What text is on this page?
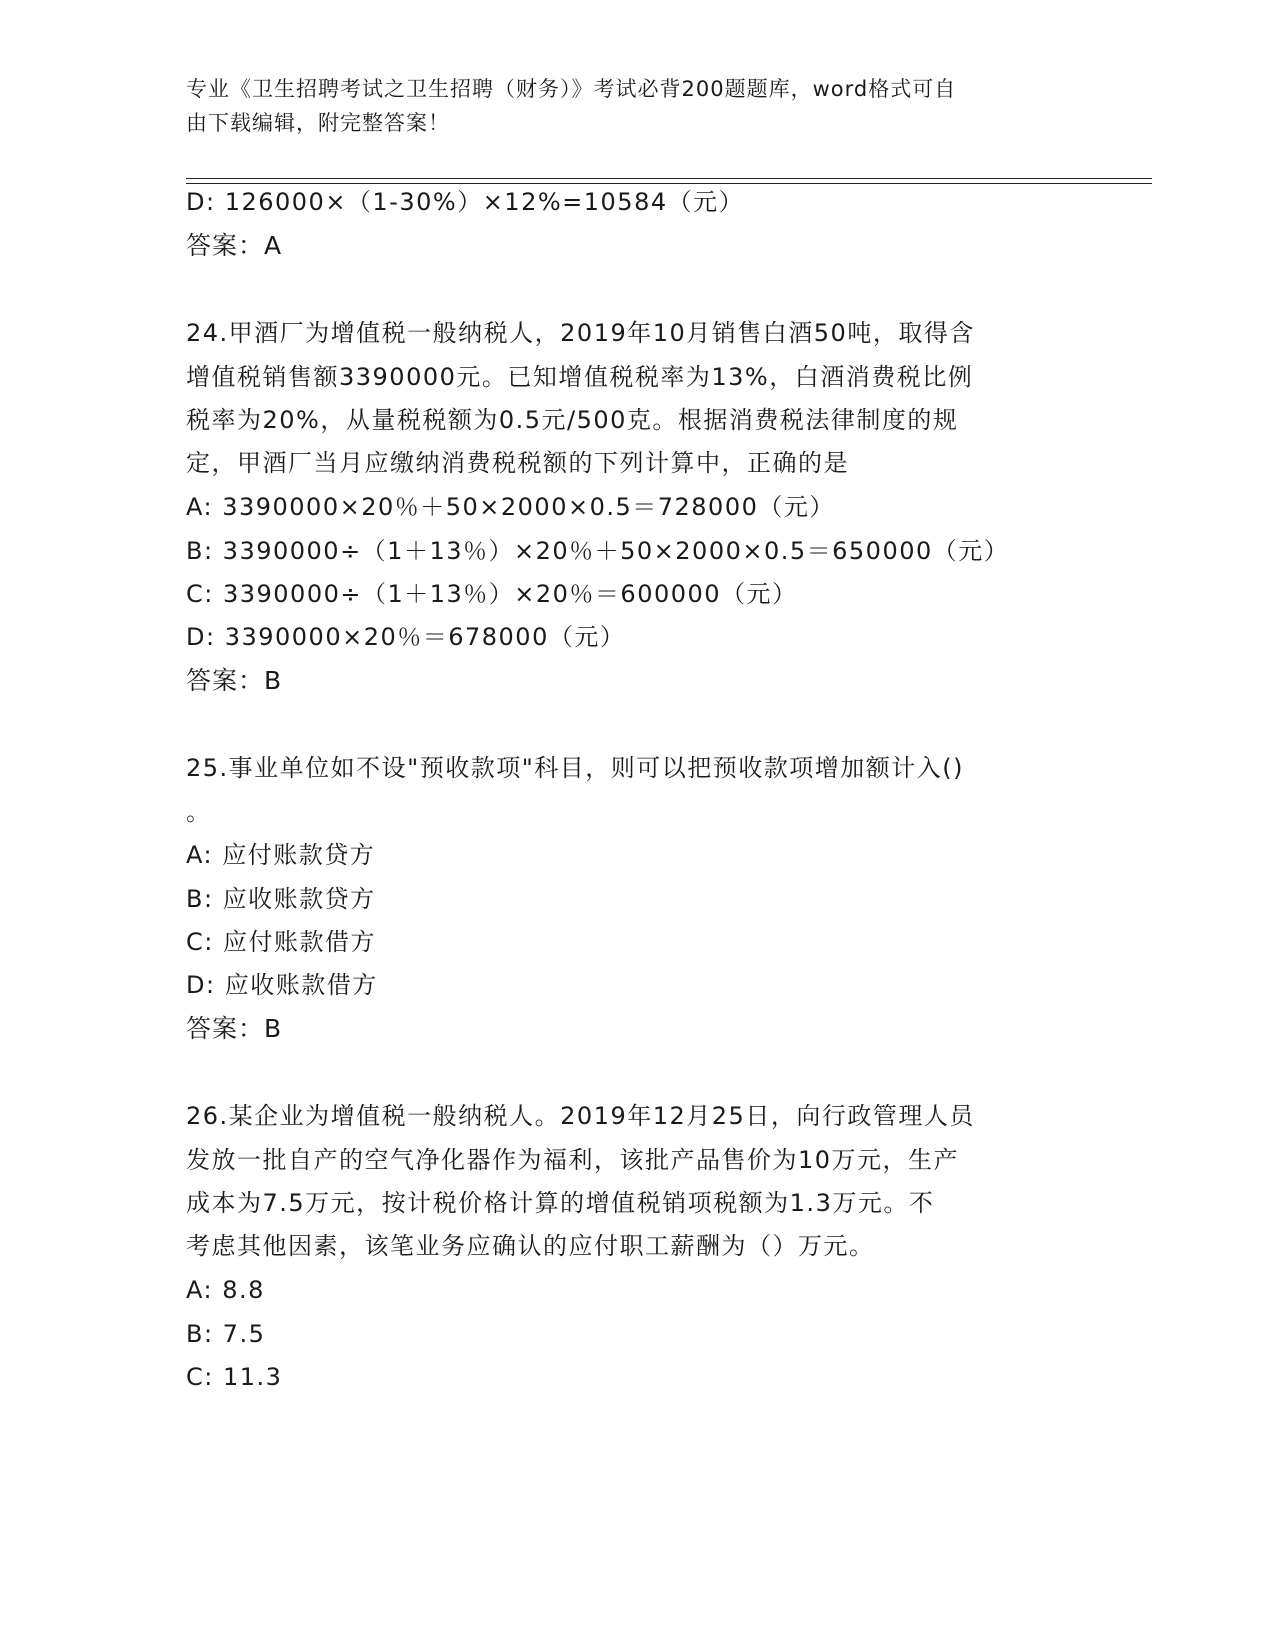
专业《卫生招聘考试之卫生招聘（财务）》考试必背200题题库，word格式可自
由下载编辑，附完整答案！
D: 126000×（1-30%）×12%=10584（元）
答案：A
24.甲酒厂为增值税一般纳税人，2019年10月销售白酒50吨，取得含
增值税销售额3390000元。已知增值税税率为13%，白酒消费税比例
税率为20%，从量税税额为0.5元/500克。根据消费税法律制度的规
定，甲酒厂当月应缴纳消费税税额的下列计算中，正确的是
A: 3390000×20％＋50×2000×0.5＝728000（元）
B: 3390000÷（1＋13％）×20％＋50×2000×0.5＝650000（元）
C: 3390000÷（1＋13％）×20％＝600000（元）
D: 3390000×20％＝678000（元）
答案：B
25.事业单位如不设"预收款项"科目，则可以把预收款项增加额计入()
。
A: 应付账款贷方
B: 应收账款贷方
C: 应付账款借方
D: 应收账款借方
答案：B
26.某企业为增值税一般纳税人。2019年12月25日，向行政管理人员
发放一批自产的空气净化器作为福利，该批产品售价为10万元，生产
成本为7.5万元，按计税价格计算的增值税销项税额为1.3万元。不
考虑其他因素，该笔业务应确认的应付职工薪酬为（）万元。
A: 8.8
B: 7.5
C: 11.3
